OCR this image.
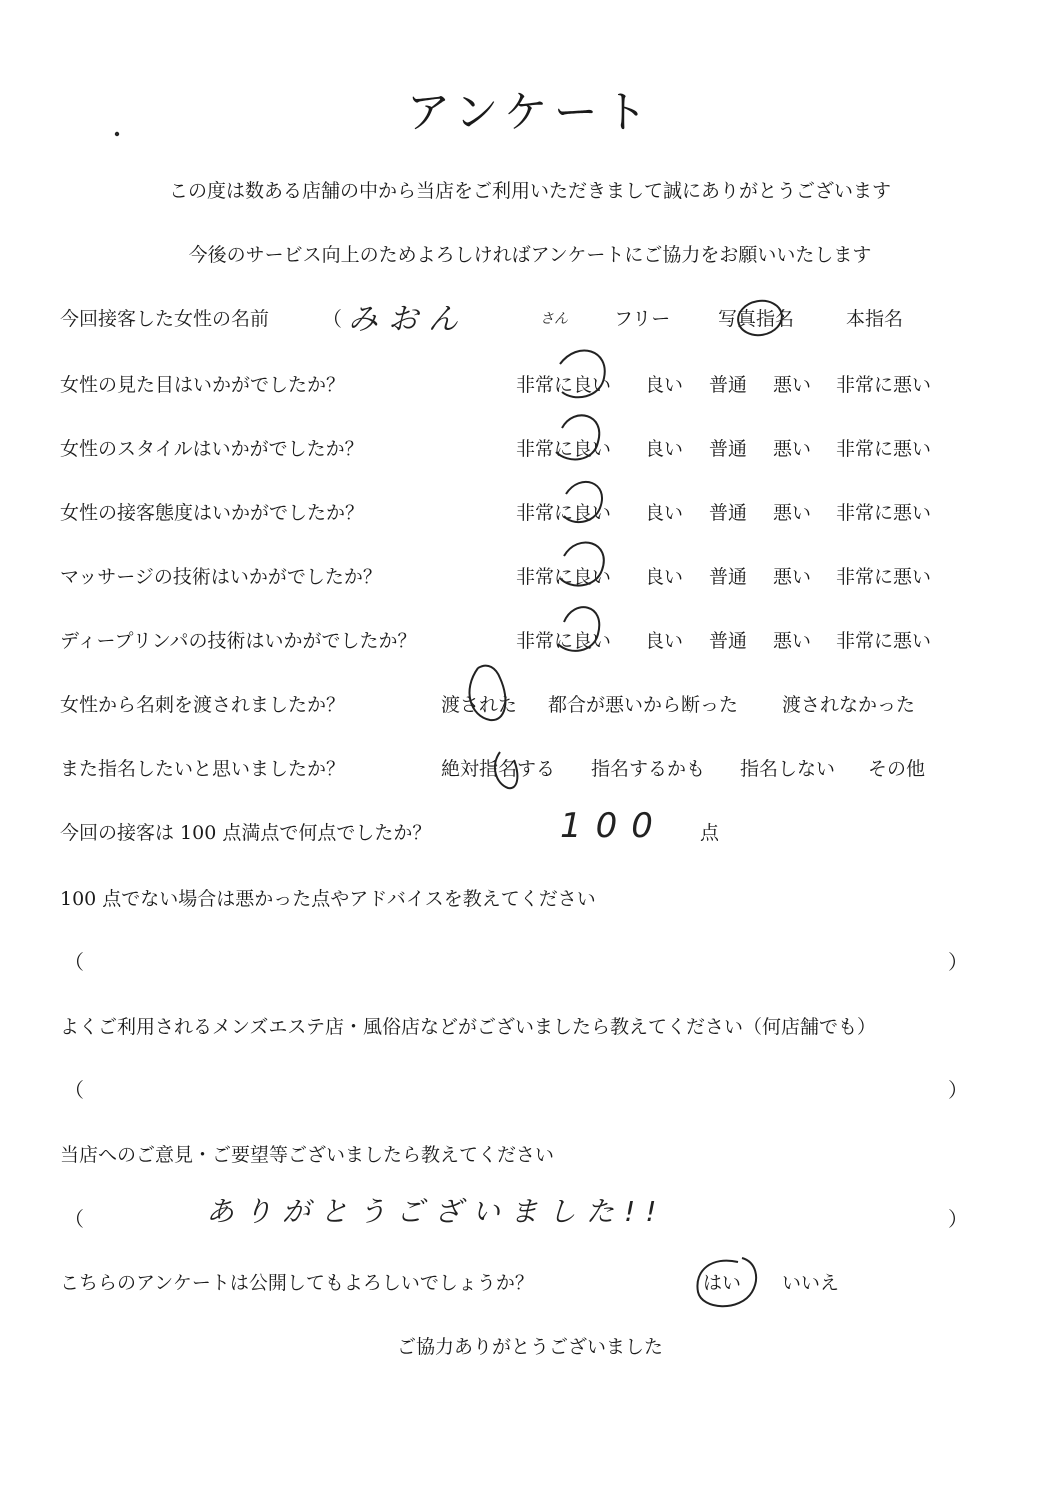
アンケート
この度は数ある店舗の中から当店をご利用いただきまして誠にありがとうございます
今後のサービス向上のためよろしければアンケートにご協力をお願いいたします
今回接客した女性の名前	（ みおん	さん フリー	写真指名	本指名
女性の見た目はいかがでしたか？	非常に良い 良い 普通 悪い 非常に悪い
女性のスタイルはいかがでしたか？	非常に良い 良い 普通 悪い 非常に悪い
女性の接客態度はいかがでしたか？	非常に良い 良い 普通 悪い 非常に悪い
マッサージの技術はいかがでしたか？	非常に良い 良い 普通 悪い 非常に悪い
ディープリンパの技術はいかがでしたか？	非常に良い 良い 普通 悪い 非常に悪い
女性から名刺を渡されましたか？	渡された 都合が悪いから断った 渡されなかった
また指名したいと思いましたか？	絶対指名する 指名するかも 指名しない その他
今回の接客は 100 点満点で何点でしたか？	100 点
100 点でない場合は悪かった点やアドバイスを教えてください
（	）
よくご利用されるメンズエステ店・風俗店などがございましたら教えてください（何店舗でも）
（	）
当店へのご意見・ご要望等ございましたら教えてください
（	ありがとうございました!!	）
こちらのアンケートは公開してもよろしいでしょうか？	はい いいえ
ご協力ありがとうございました
